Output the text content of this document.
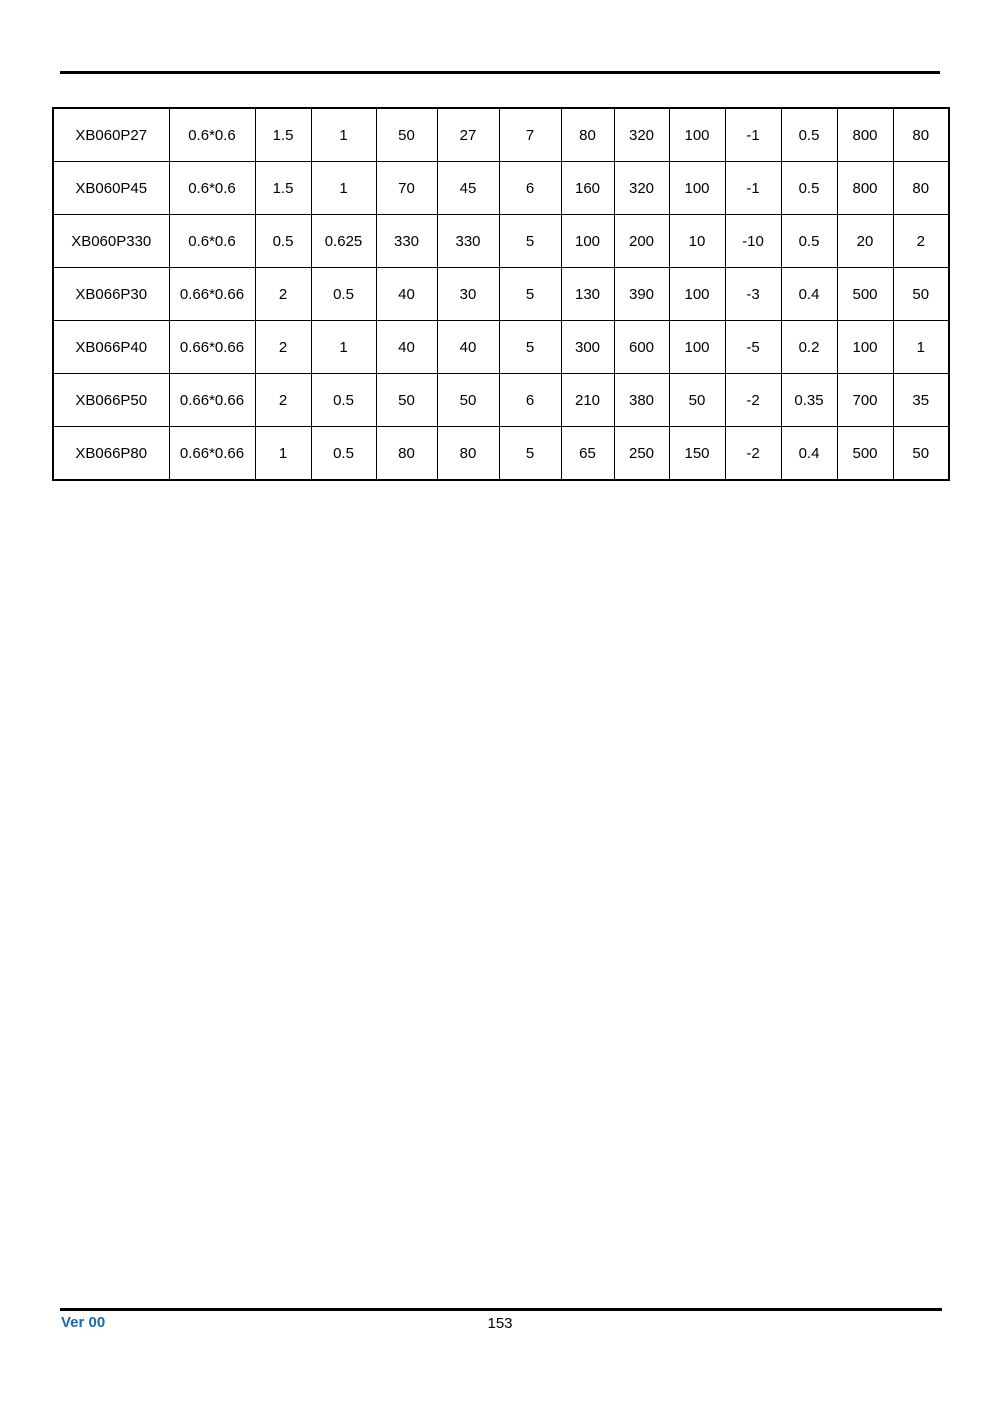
XB060P27	0.6*0.6	1.5	1	50	27	7	80	320	100	-1	0.5	800	80
XB060P45	0.6*0.6	1.5	1	70	45	6	160	320	100	-1	0.5	800	80
XB060P330	0.6*0.6	0.5	0.625	330	330	5	100	200	10	-10	0.5	20	2
XB066P30	0.66*0.66	2	0.5	40	30	5	130	390	100	-3	0.4	500	50
XB066P40	0.66*0.66	2	1	40	40	5	300	600	100	-5	0.2	100	1
XB066P50	0.66*0.66	2	0.5	50	50	6	210	380	50	-2	0.35	700	35
XB066P80	0.66*0.66	1	0.5	80	80	5	65	250	150	-2	0.4	500	50
Ver 00	153
